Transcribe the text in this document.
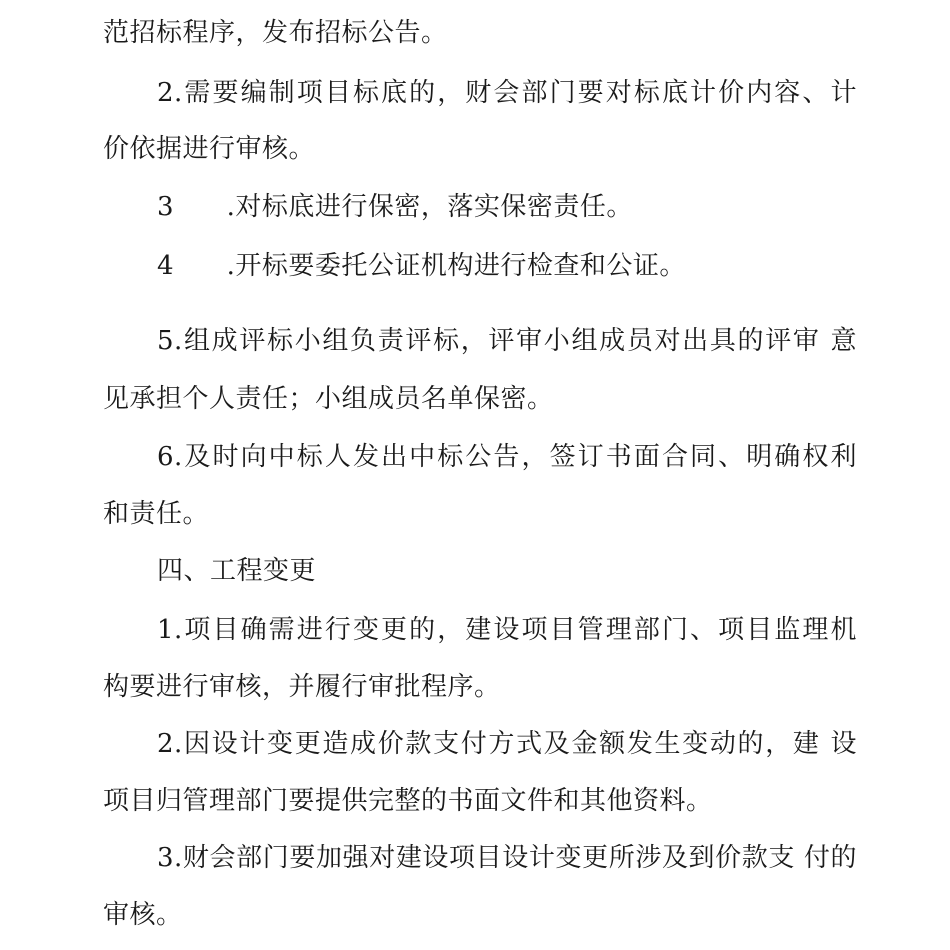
范招标程序，发布招标公告。
2.需要编制项目标底的，财会部门要对标底计价内容、计
价依据进行审核。
3      .对标底进行保密，落实保密责任。
4      .开标要委托公证机构进行检查和公证。
5.组成评标小组负责评标，评审小组成员对出具的评审 意
见承担个人责任；小组成员名单保密。
6.及时向中标人发出中标公告，签订书面合同、明确权利
和责任。
四、工程变更
1.项目确需进行变更的，建设项目管理部门、项目监理机
构要进行审核，并履行审批程序。
2.因设计变更造成价款支付方式及金额发生变动的，建 设
项目归管理部门要提供完整的书面文件和其他资料。
3.财会部门要加强对建设项目设计变更所涉及到价款支 付的
审核。
